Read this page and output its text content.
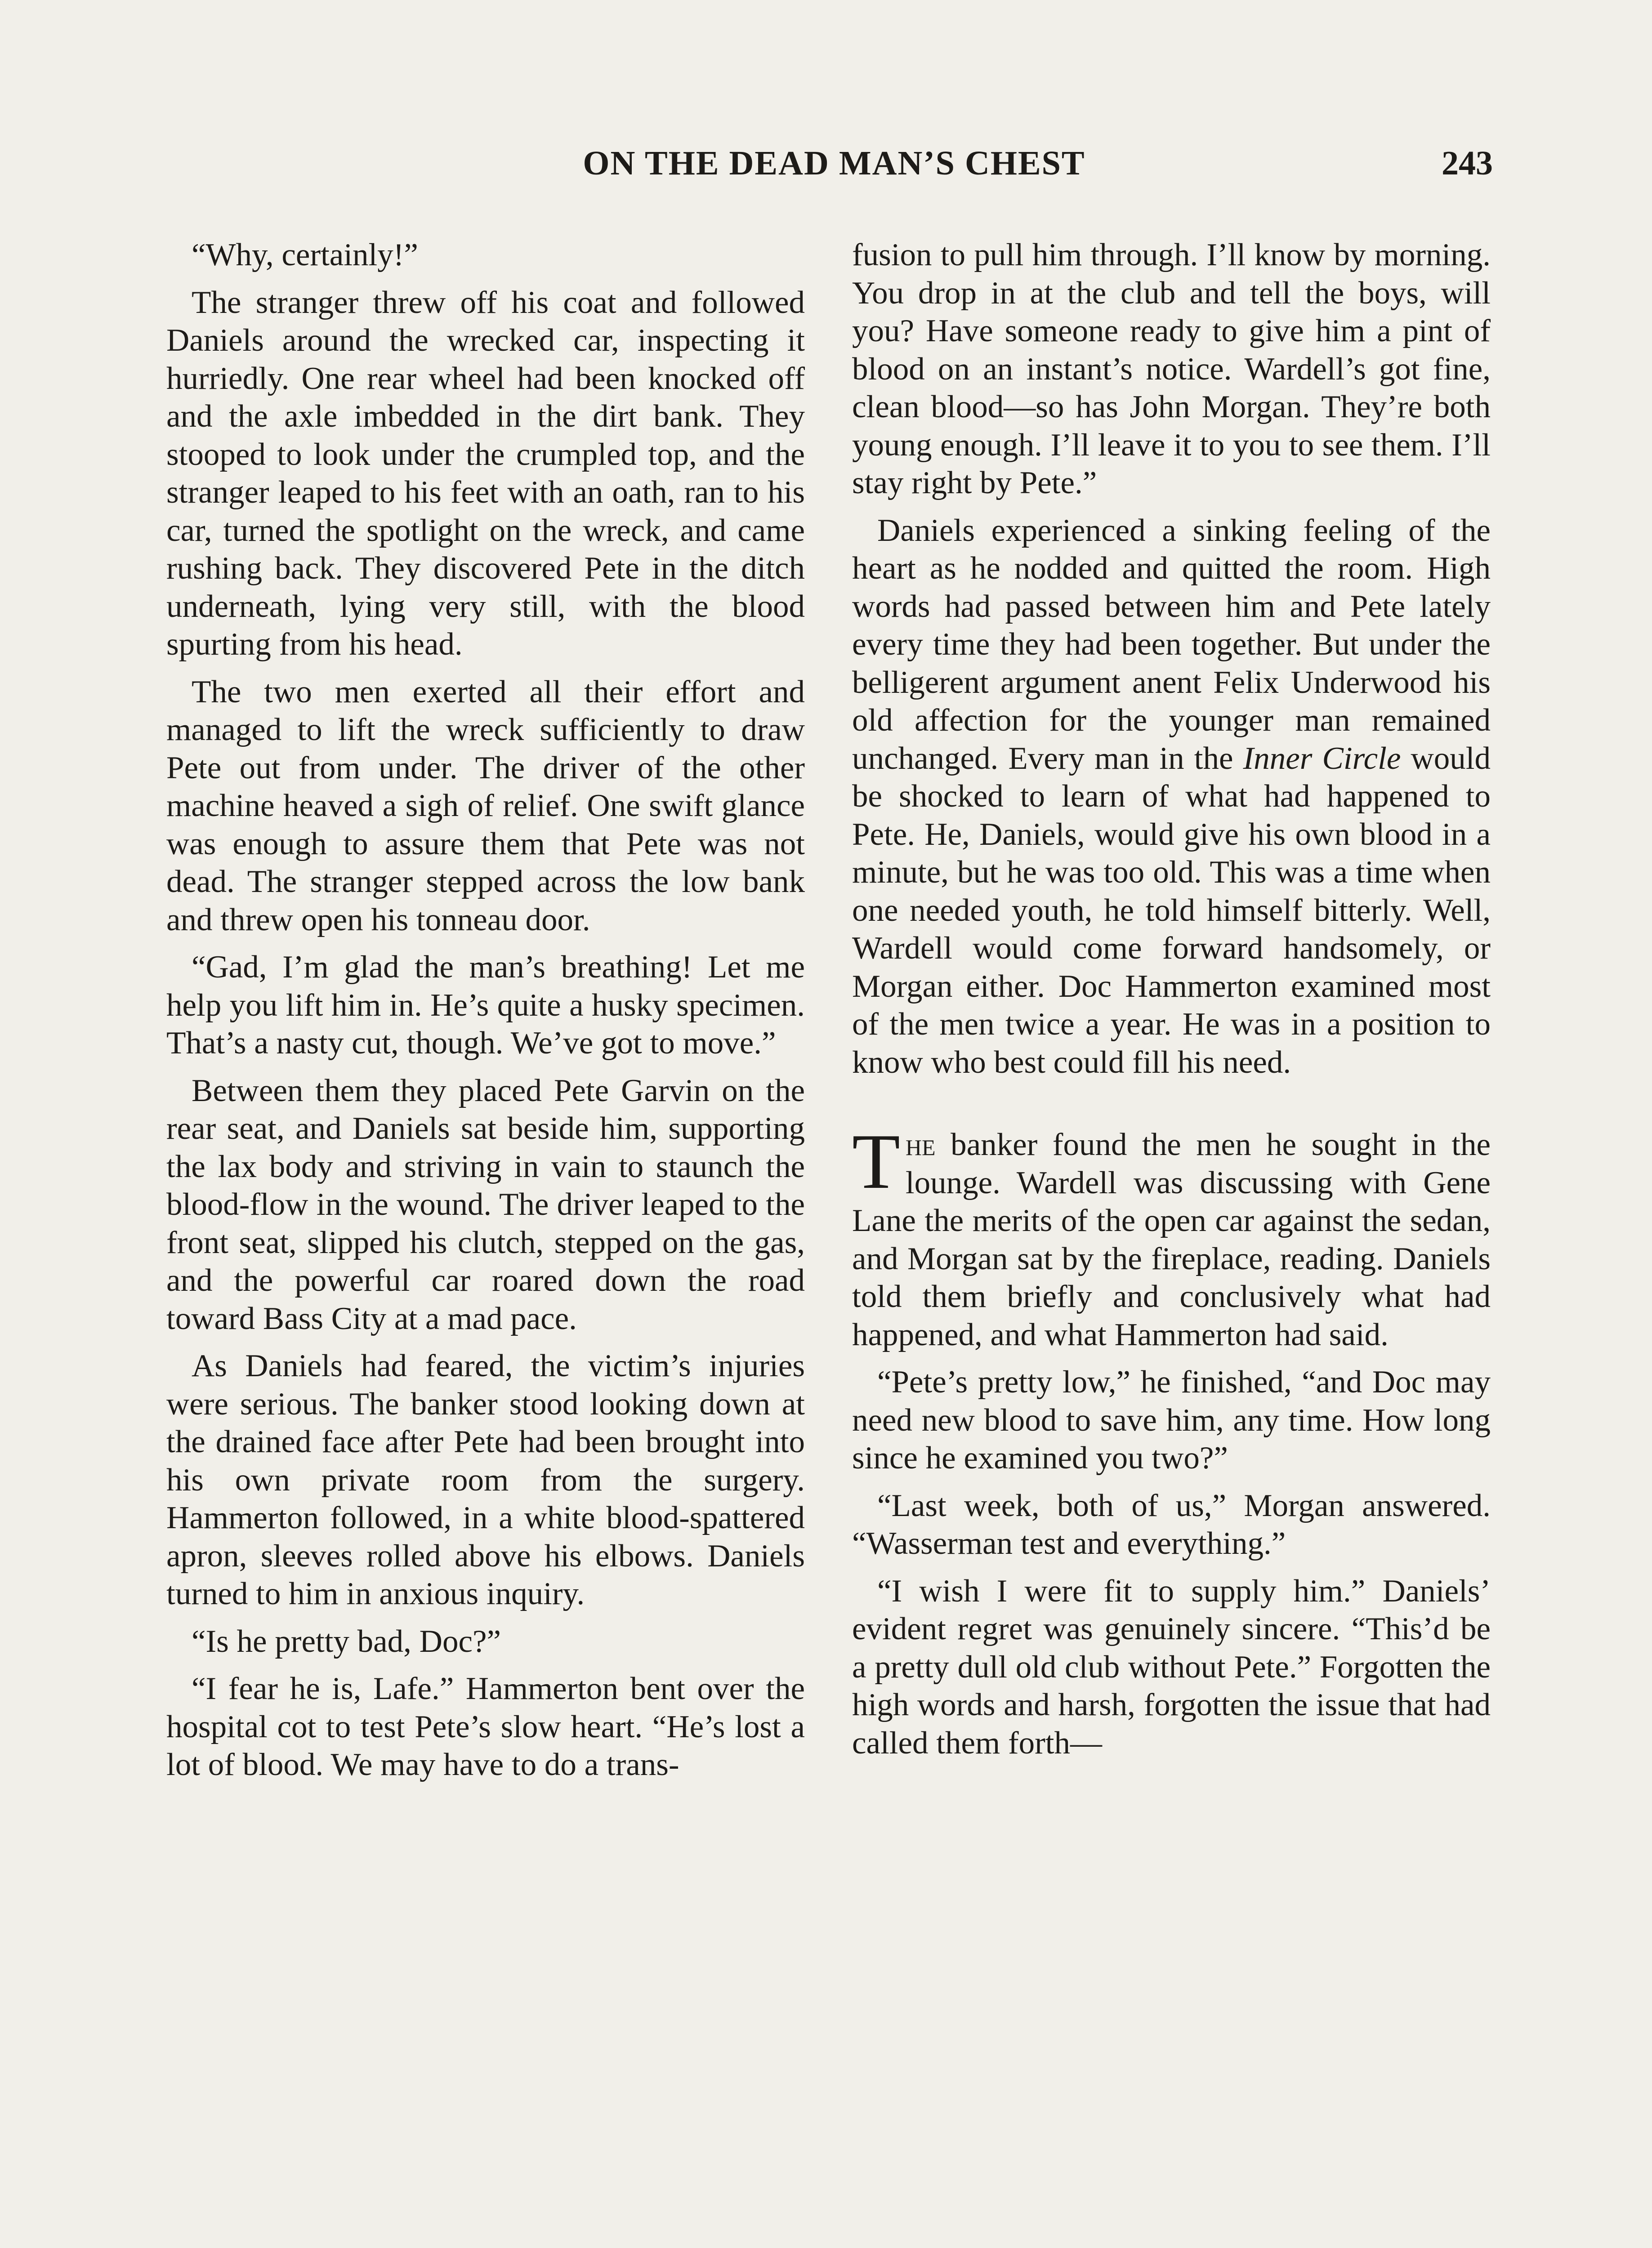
ON THE DEAD MAN’S CHEST	243

“Why, certainly!”

The stranger threw off his coat and followed Daniels around the wrecked car, inspecting it hurriedly. One rear wheel had been knocked off and the axle imbedded in the dirt bank. They stooped to look under the crumpled top, and the stranger leaped to his feet with an oath, ran to his car, turned the spotlight on the wreck, and came rushing back. They discovered Pete in the ditch underneath, lying very still, with the blood spurting from his head.

The two men exerted all their effort and managed to lift the wreck sufficiently to draw Pete out from under. The driver of the other machine heaved a sigh of relief. One swift glance was enough to assure them that Pete was not dead. The stranger stepped across the low bank and threw open his tonneau door.

“Gad, I’m glad the man’s breathing! Let me help you lift him in. He’s quite a husky specimen. That’s a nasty cut, though. We’ve got to move.”

Between them they placed Pete Garvin on the rear seat, and Daniels sat beside him, supporting the lax body and striving in vain to staunch the blood-flow in the wound. The driver leaped to the front seat, slipped his clutch, stepped on the gas, and the powerful car roared down the road toward Bass City at a mad pace.

As Daniels had feared, the victim’s injuries were serious. The banker stood looking down at the drained face after Pete had been brought into his own private room from the surgery. Hammerton followed, in a white blood-spattered apron, sleeves rolled above his elbows. Daniels turned to him in anxious inquiry.

“Is he pretty bad, Doc?”

“I fear he is, Lafe.” Hammerton bent over the hospital cot to test Pete’s slow heart. “He’s lost a lot of blood. We may have to do a trans-

fusion to pull him through. I’ll know by morning. You drop in at the club and tell the boys, will you? Have someone ready to give him a pint of blood on an instant’s notice. Wardell’s got fine, clean blood—so has John Morgan. They’re both young enough. I’ll leave it to you to see them. I’ll stay right by Pete.”

Daniels experienced a sinking feeling of the heart as he nodded and quitted the room. High words had passed between him and Pete lately every time they had been together. But under the belligerent argument anent Felix Underwood his old affection for the younger man remained unchanged. Every man in the Inner Circle would be shocked to learn of what had happened to Pete. He, Daniels, would give his own blood in a minute, but he was too old. This was a time when one needed youth, he told himself bitterly. Well, Wardell would come forward handsomely, or Morgan either. Doc Hammerton examined most of the men twice a year. He was in a position to know who best could fill his need.

The banker found the men he sought in the lounge. Wardell was discussing with Gene Lane the merits of the open car against the sedan, and Morgan sat by the fireplace, reading. Daniels told them briefly and conclusively what had happened, and what Hammerton had said.

“Pete’s pretty low,” he finished, “and Doc may need new blood to save him, any time. How long since he examined you two?”

“Last week, both of us,” Morgan answered. “Wasserman test and everything.”

“I wish I were fit to supply him.” Daniels’ evident regret was genuinely sincere. “This’d be a pretty dull old club without Pete.” Forgotten the high words and harsh, forgotten the issue that had called them forth—
